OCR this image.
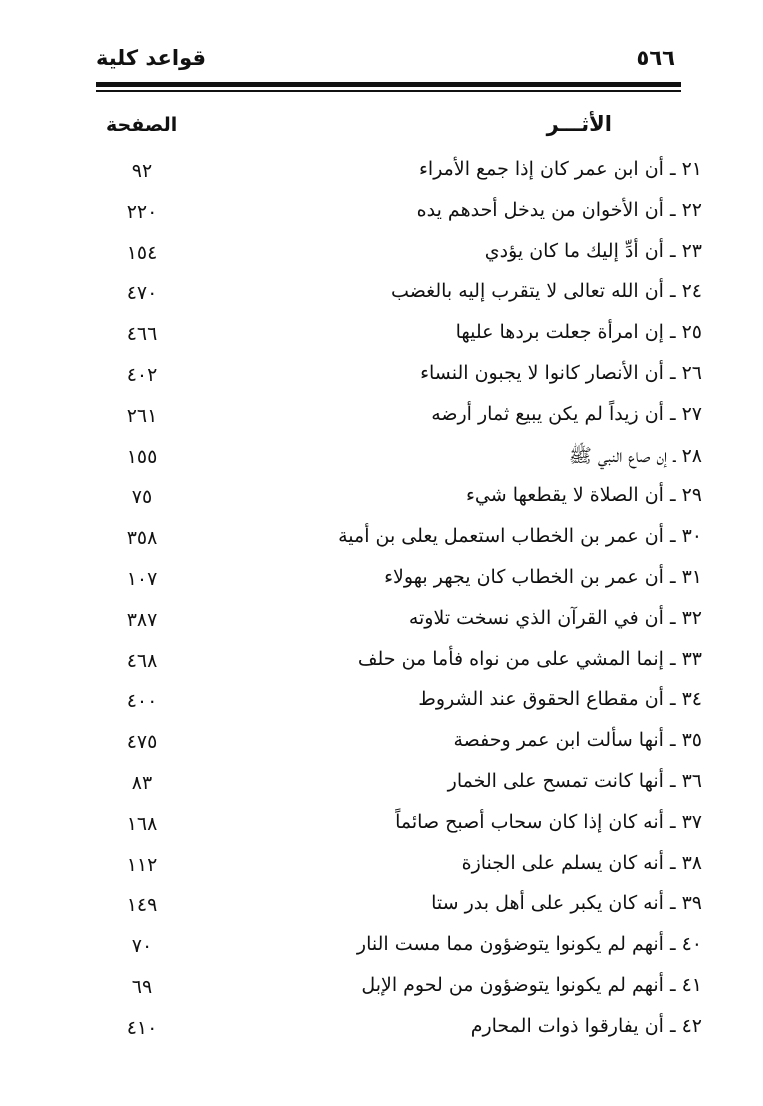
قواعد كلية	٥٦٦
الصفحة	الأثـــر
٩٢	٢١ ـ أن ابن عمر كان إذا جمع الأمراء
٢٢٠	٢٢ ـ أن الأخوان من يدخل أحدهم يده
١٥٤	٢٣ ـ أن أدِّ إليك ما كان يؤدي
٤٧٠	٢٤ ـ أن الله تعالى لا يتقرب إليه بالغضب
٤٦٦	٢٥ ـ إن امرأة جعلت بردها عليها
٤٠٢	٢٦ ـ أن الأنصار كانوا لا يجبون النساء
٢٦١	٢٧ ـ أن زيداً لم يكن يبيع ثمار أرضه
١٥٥	٢٨ ـ إن صاع النبي ﷺ
٧٥	٢٩ ـ أن الصلاة لا يقطعها شيء
٣٥٨	٣٠ ـ أن عمر بن الخطاب استعمل يعلى بن أمية
١٠٧	٣١ ـ أن عمر بن الخطاب كان يجهر بهولاء
٣٨٧	٣٢ ـ أن في القرآن الذي نسخت تلاوته
٤٦٨	٣٣ ـ إنما المشي على من نواه فأما من حلف
٤٠٠	٣٤ ـ أن مقطاع الحقوق عند الشروط
٤٧٥	٣٥ ـ أنها سألت ابن عمر وحفصة
٨٣	٣٦ ـ أنها كانت تمسح على الخمار
١٦٨	٣٧ ـ أنه كان إذا كان سحاب أصبح صائماً
١١٢	٣٨ ـ أنه كان يسلم على الجنازة
١٤٩	٣٩ ـ أنه كان يكبر على أهل بدر ستا
٧٠	٤٠ ـ أنهم لم يكونوا يتوضؤون مما مست النار
٦٩	٤١ ـ أنهم لم يكونوا يتوضؤون من لحوم الإبل
٤١٠	٤٢ ـ أن يفارقوا ذوات المحارم
